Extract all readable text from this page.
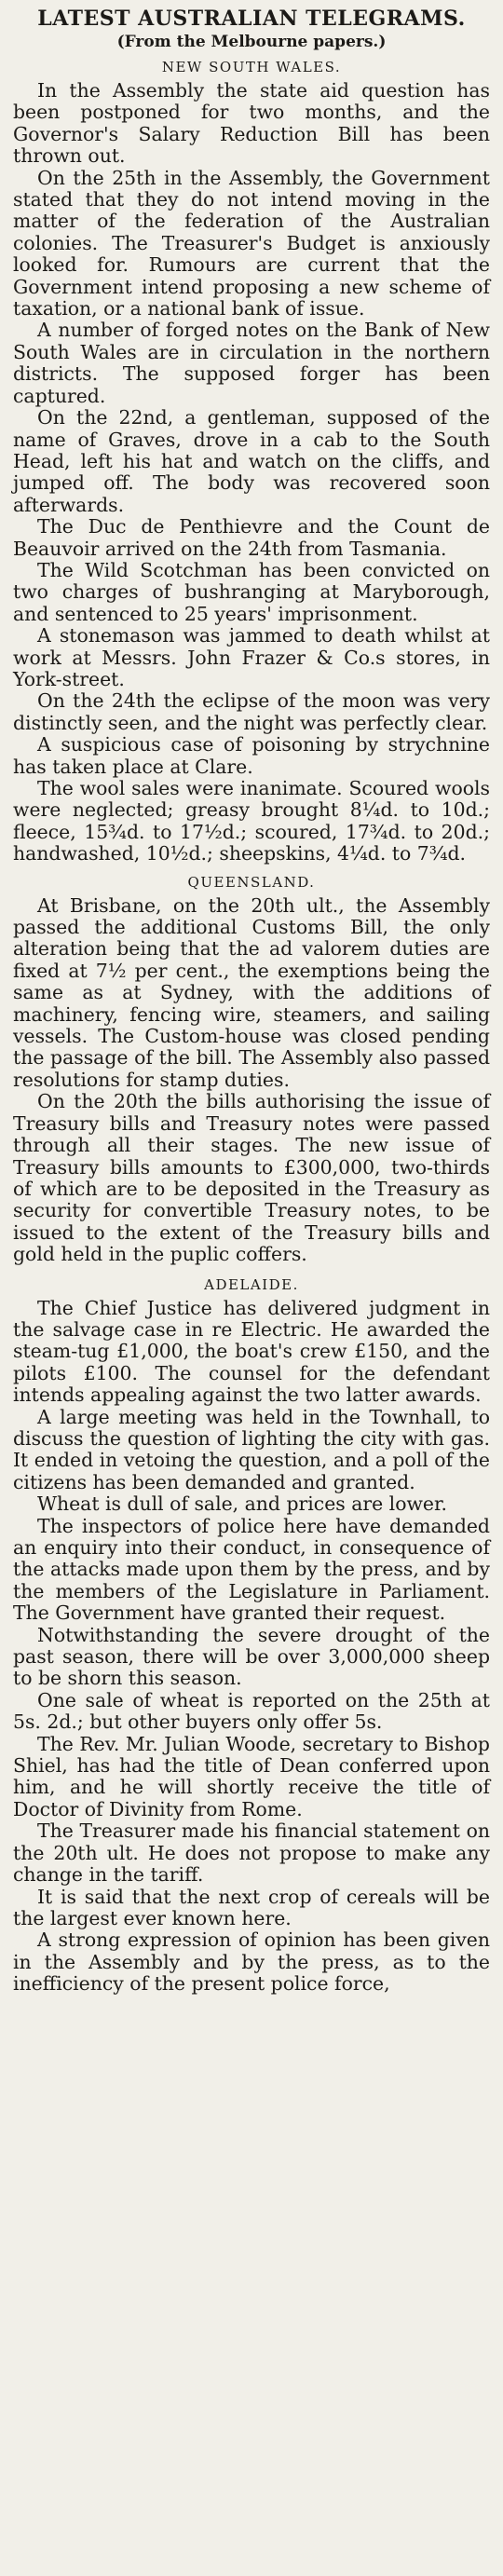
LATEST AUSTRALIAN TELEGRAMS.
(From the Melbourne papers.)
NEW SOUTH WALES.

In the Assembly the state aid question has been postponed for two months, and the Governor's Salary Reduction Bill has been thrown out.

On the 25th in the Assembly, the Government stated that they do not intend moving in the matter of the federation of the Australian colonies. The Treasurer's Budget is anxiously looked for. Rumours are current that the Government intend proposing a new scheme of taxation, or a national bank of issue.

A number of forged notes on the Bank of New South Wales are in circulation in the northern districts. The supposed forger has been captured.

On the 22nd, a gentleman, supposed of the name of Graves, drove in a cab to the South Head, left his hat and watch on the cliffs, and jumped off. The body was recovered soon afterwards.

The Duc de Penthievre and the Count de Beauvoir arrived on the 24th from Tasmania.

The Wild Scotchman has been convicted on two charges of bushranging at Maryborough, and sentenced to 25 years' imprisonment.

A stonemason was jammed to death whilst at work at Messrs. John Frazer & Co.s stores, in York-street.

On the 24th the eclipse of the moon was very distinctly seen, and the night was perfectly clear.

A suspicious case of poisoning by strychnine has taken place at Clare.

The wool sales were inanimate. Scoured wools were neglected; greasy brought 8¼d. to 10d.; fleece, 15¾d. to 17½d.; scoured, 17¾d. to 20d.; handwashed, 10½d.; sheepskins, 4¼d. to 7¾d.

QUEENSLAND.

At Brisbane, on the 20th ult., the Assembly passed the additional Customs Bill, the only alteration being that the ad valorem duties are fixed at 7½ per cent., the exemptions being the same as at Sydney, with the additions of machinery, fencing wire, steamers, and sailing vessels. The Custom-house was closed pending the passage of the bill. The Assembly also passed resolutions for stamp duties.

On the 20th the bills authorising the issue of Treasury bills and Treasury notes were passed through all their stages. The new issue of Treasury bills amounts to £300,000, two-thirds of which are to be deposited in the Treasury as security for convertible Treasury notes, to be issued to the extent of the Treasury bills and gold held in the puplic coffers.

ADELAIDE.

The Chief Justice has delivered judgment in the salvage case in re Electric. He awarded the steam-tug £1,000, the boat's crew £150, and the pilots £100. The counsel for the defendant intends appealing against the two latter awards.

A large meeting was held in the Townhall, to discuss the question of lighting the city with gas. It ended in vetoing the question, and a poll of the citizens has been demanded and granted.

Wheat is dull of sale, and prices are lower.

The inspectors of police here have demanded an enquiry into their conduct, in consequence of the attacks made upon them by the press, and by the members of the Legislature in Parliament. The Government have granted their request.

Notwithstanding the severe drought of the past season, there will be over 3,000,000 sheep to be shorn this season.

One sale of wheat is reported on the 25th at 5s. 2d.; but other buyers only offer 5s.

The Rev. Mr. Julian Woode, secretary to Bishop Shiel, has had the title of Dean conferred upon him, and he will shortly receive the title of Doctor of Divinity from Rome.

The Treasurer made his financial statement on the 20th ult. He does not propose to make any change in the tariff.

It is said that the next crop of cereals will be the largest ever known here.

A strong expression of opinion has been given in the Assembly and by the press, as to the inefficiency of the present police force,
